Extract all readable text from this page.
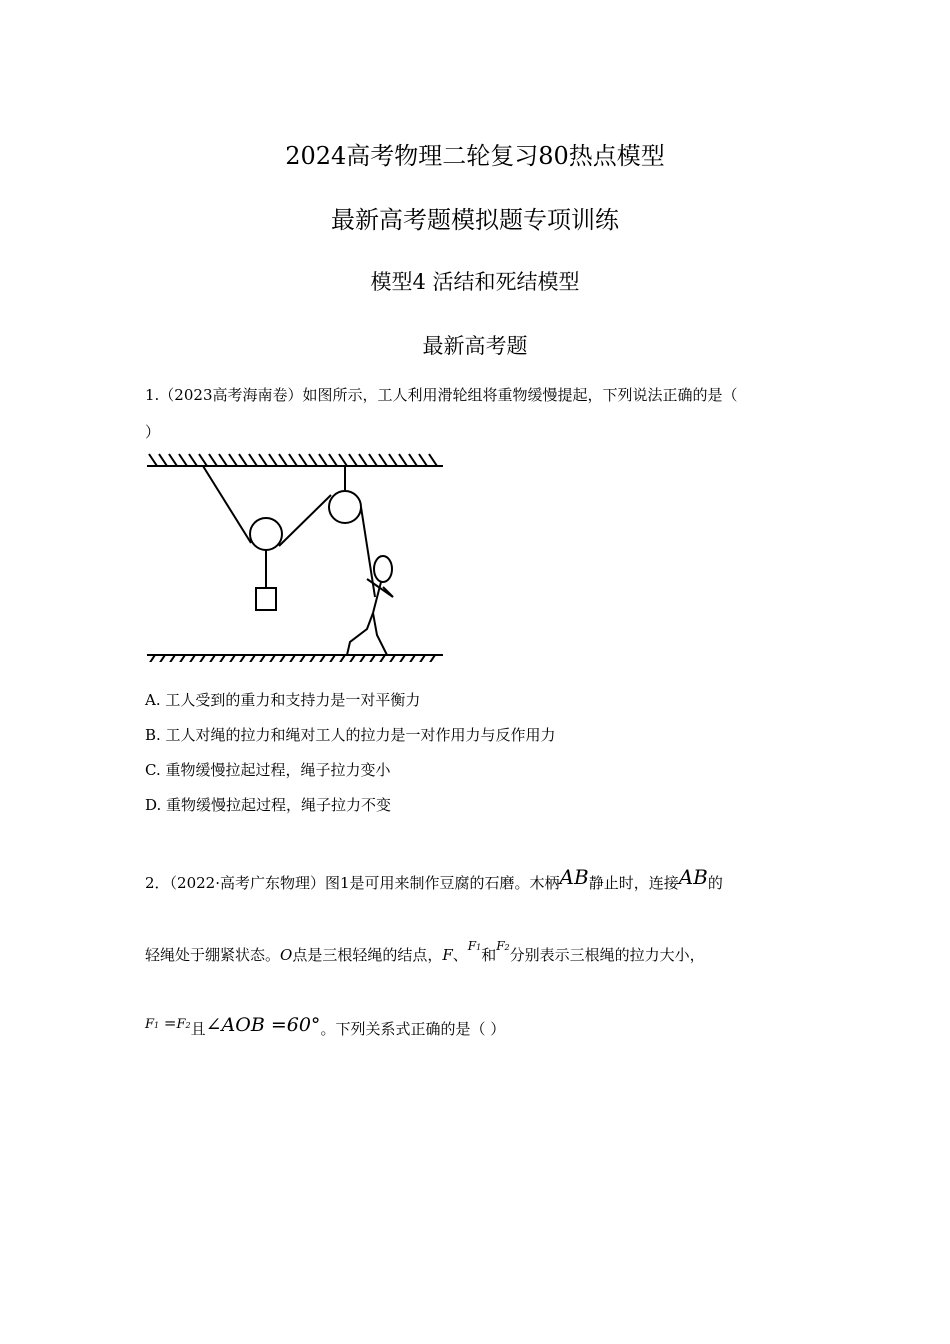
2024高考物理二轮复习80热点模型
最新高考题模拟题专项训练
模型4 活结和死结模型
最新高考题
1.（2023高考海南卷）如图所示，工人利用滑轮组将重物缓慢提起，下列说法正确的是（
）
A. 工人受到的重力和支持力是一对平衡力
B. 工人对绳的拉力和绳对工人的拉力是一对作用力与反作用力
C. 重物缓慢拉起过程，绳子拉力变小
D. 重物缓慢拉起过程，绳子拉力不变
2．（2022·高考广东物理）图1是可用来制作豆腐的石磨。木柄AB静止时，连接AB的
轻绳处于绷紧状态。O点是三根轻绳的结点，F、$^{F1}$和$^{F2}$分别表示三根绳的拉力大小，
F1 =F2且∠AOB =60°。下列关系式正确的是（ ）
